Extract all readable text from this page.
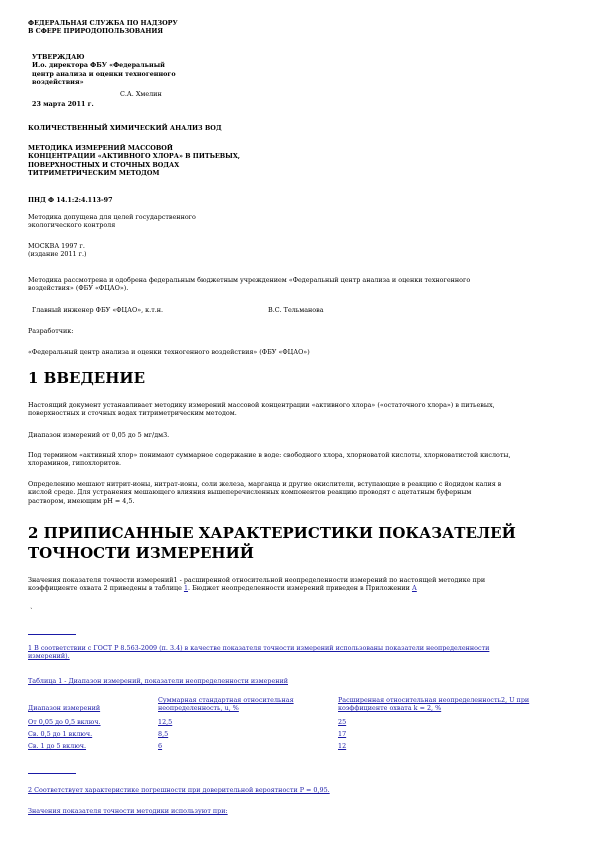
ФЕДЕРАЛЬНАЯ СЛУЖБА ПО НАДЗОРУ
В СФЕРЕ ПРИРОДОПОЛЬЗОВАНИЯ
УТВЕРЖДАЮ
И.о. директора ФБУ «Федеральный
центр анализа и оценки техногенного
воздействия»
С.А. Хмелин
23 марта 2011 г.
КОЛИЧЕСТВЕННЫЙ ХИМИЧЕСКИЙ АНАЛИЗ ВОД
МЕТОДИКА ИЗМЕРЕНИЙ МАССОВОЙ
КОНЦЕНТРАЦИИ «АКТИВНОГО ХЛОРА» В ПИТЬЕВЫХ,
ПОВЕРХНОСТНЫХ И СТОЧНЫХ ВОДАХ
ТИТРИМЕТРИЧЕСКИМ МЕТОДОМ
ПНД Ф 14.1:2:4.113-97
Методика допущена для целей государственного
экологического контроля
МОСКВА 1997 г.
(издание 2011 г.)
Методика рассмотрена и одобрена федеральным бюджетным учреждением «Федеральный центр анализа и оценки техногенного
воздействия» (ФБУ «ФЦАО»).
Главный инженер ФБУ «ФЦАО», к.т.н.	В.С. Тельманова
Разработчик:
«Федеральный центр анализа и оценки техногенного воздействия» (ФБУ «ФЦАО»)
1 ВВЕДЕНИЕ
Настоящий документ устанавливает методику измерений массовой концентрации «активного хлора» («остаточного хлора») в питьевых,
поверхностных и сточных водах титриметрическим методом.
Диапазон измерений от 0,05 до 5 мг/дм3.
Под термином «активный хлор» понимают суммарное содержание в воде: свободного хлора, хлорноватой кислоты, хлорноватистой кислоты,
хлораминов, гипохлоритов.
Определению мешают нитрит-ионы, нитрат-ионы, соли железа, марганца и другие окислители, вступающие в реакцию с йодидом калия в
кислой среде. Для устранения мешающего влияния вышеперечисленных компонентов реакцию проводят с ацетатным буферным
раствором, имеющим рН = 4,5.
2 ПРИПИСАННЫЕ ХАРАКТЕРИСТИКИ ПОКАЗАТЕЛЕЙ
ТОЧНОСТИ ИЗМЕРЕНИЙ
Значения показателя точности измерений1 - расширенной относительной неопределенности измерений по настоящей методике при
коэффициенте охвата 2 приведены в таблице 1. Бюджет неопределенности измерений приведен в Приложении А
`
1 В соответствии с ГОСТ Р 8.563-2009 (п. 3.4) в качестве показателя точности измерений использованы показатели неопределенности
измерений).
Таблица 1 - Диапазон измерений, показатели неопределенности измерений
Диапазон измерений	Суммарная стандартная относительная
неопределенность, u, %	Расширенная относительная неопределенность2, U при
коэффициенте охвата k = 2, %

От 0,05 до 0,5 включ.	12,5	25

Св. 0,5 до 1 включ.	8,5	17

Св. 1 до 5 включ.	6	12
2 Соответствует характеристике погрешности при доверительной вероятности Р = 0,95.
Значения показателя точности методики используют при:
